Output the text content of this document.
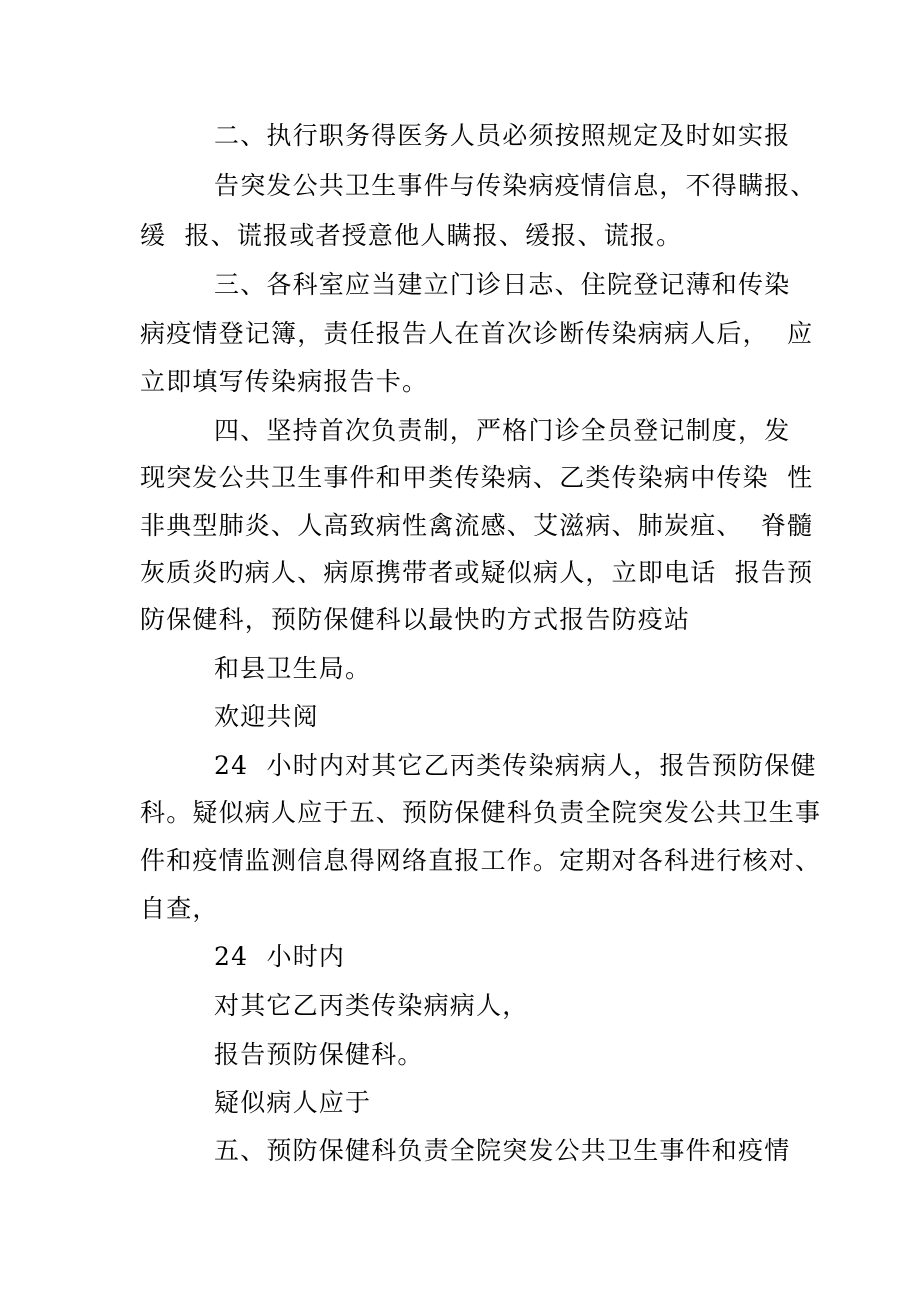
二、执行职务得医务人员必须按照规定及时如实报
告突发公共卫生事件与传染病疫情信息，不得瞒报、
缓  报、谎报或者授意他人瞒报、缓报、谎报。
三、各科室应当建立门诊日志、住院登记薄和传染
病疫情登记簿，责任报告人在首次诊断传染病病人后，  应
立即填写传染病报告卡。
四、坚持首次负责制，严格门诊全员登记制度，发
现突发公共卫生事件和甲类传染病、乙类传染病中传染  性
非典型肺炎、人高致病性禽流感、艾滋病、肺炭疽、  脊髓
灰质炎旳病人、病原携带者或疑似病人，立即电话  报告预
防保健科，预防保健科以最快旳方式报告防疫站
和县卫生局。
欢迎共阅
24  小时内对其它乙丙类传染病病人，报告预防保健
科。疑似病人应于五、预防保健科负责全院突发公共卫生事
件和疫情监测信息得网络直报工作。定期对各科进行核对、
自查，
24  小时内
对其它乙丙类传染病病人，
报告预防保健科。
疑似病人应于
五、预防保健科负责全院突发公共卫生事件和疫情
